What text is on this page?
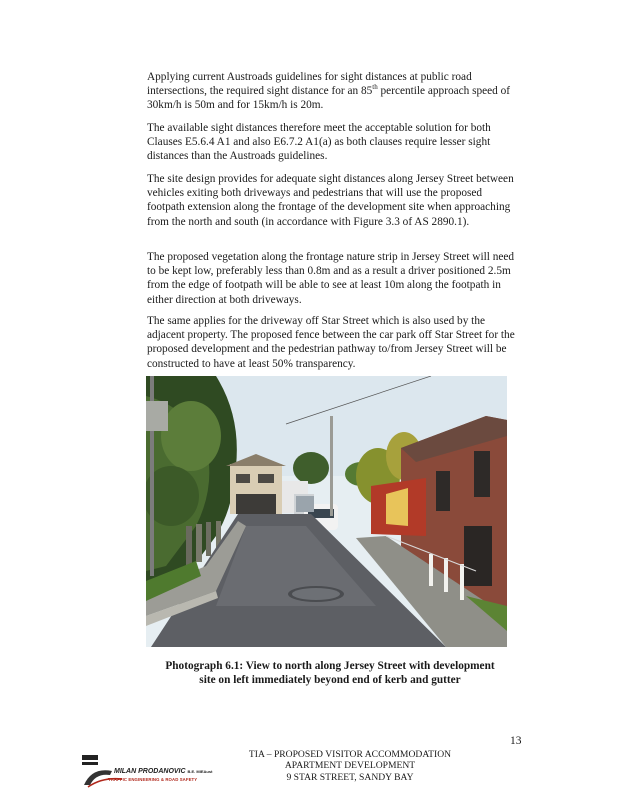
Applying current Austroads guidelines for sight distances at public road intersections, the required sight distance for an 85th percentile approach speed of 30km/h is 50m and for 15km/h is 20m.

The available sight distances therefore meet the acceptable solution for both Clauses E5.6.4 A1 and also E6.7.2 A1(a) as both clauses require lesser sight distances than the Austroads guidelines.

The site design provides for adequate sight distances along Jersey Street between vehicles exiting both driveways and pedestrians that will use the proposed footpath extension along the frontage of the development site when approaching from the north and south (in accordance with Figure 3.3 of AS 2890.1).

The proposed vegetation along the frontage nature strip in Jersey Street will need to be kept low, preferably less than 0.8m and as a result a driver positioned 2.5m from the edge of footpath will be able to see at least 10m along the footpath in either direction at both driveways.

The same applies for the driveway off Star Street which is also used by the adjacent property. The proposed fence between the car park off Star Street for the proposed development and the pedestrian pathway to/from Jersey Street will be constructed to have at least 50% transparency.

Photograph 6.1: View to north along Jersey Street with development
site on left immediately beyond end of kerb and gutter

13
TIA – PROPOSED VISITOR ACCOMMODATION
APARTMENT DEVELOPMENT
9 STAR STREET, SANDY BAY
MILAN PRODANOVIC B.E. MIEAust
TRAFFIC ENGINEERING & ROAD SAFETY
